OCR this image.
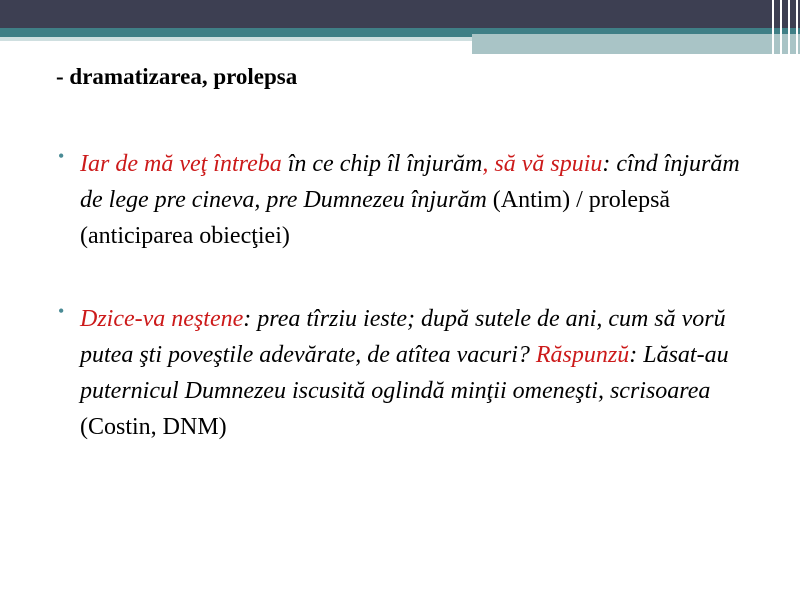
- dramatizarea, prolepsa
• Iar de mă veţ întreba în ce chip îl înjurăm, să vă spuiu: cînd înjurăm de lege pre cineva, pre Dumnezeu înjurăm (Antim) / prolepsă (anticiparea obiecţiei)

• Dzice-va neştene: prea tîrziu ieste; după sutele de ani, cum să vorŭ putea şti poveştile adevărate, de atîtea vacuri? Răspunzŭ: Lăsat-au puternicul Dumnezeu iscusită oglindă minţii omeneşti, scrisoarea (Costin, DNM)
